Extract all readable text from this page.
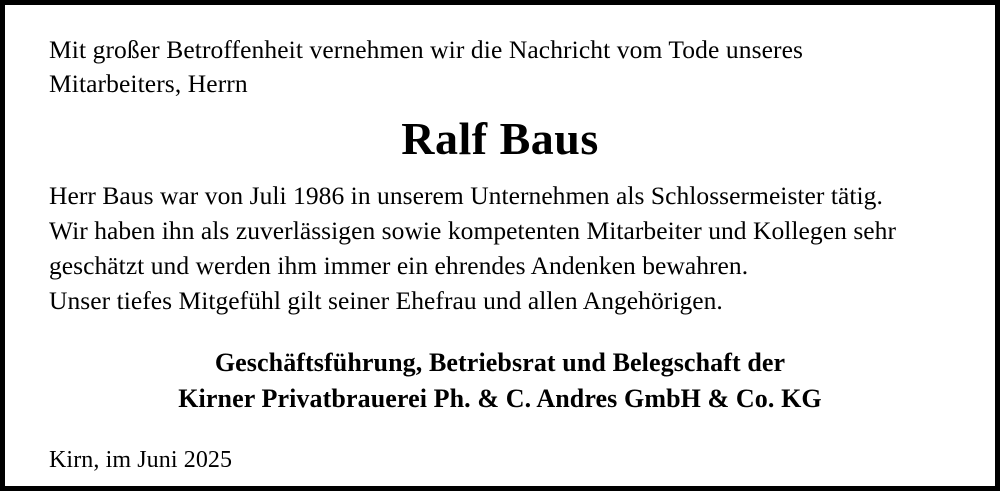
Mit großer Betroffenheit vernehmen wir die Nachricht vom Tode unseres
Mitarbeiters, Herrn
Ralf Baus
Herr Baus war von Juli 1986 in unserem Unternehmen als Schlossermeister tätig.
Wir haben ihn als zuverlässigen sowie kompetenten Mitarbeiter und Kollegen sehr
geschätzt und werden ihm immer ein ehrendes Andenken bewahren.
Unser tiefes Mitgefühl gilt seiner Ehefrau und allen Angehörigen.
Geschäftsführung, Betriebsrat und Belegschaft der
Kirner Privatbrauerei Ph. & C. Andres GmbH & Co. KG
Kirn, im Juni 2025
